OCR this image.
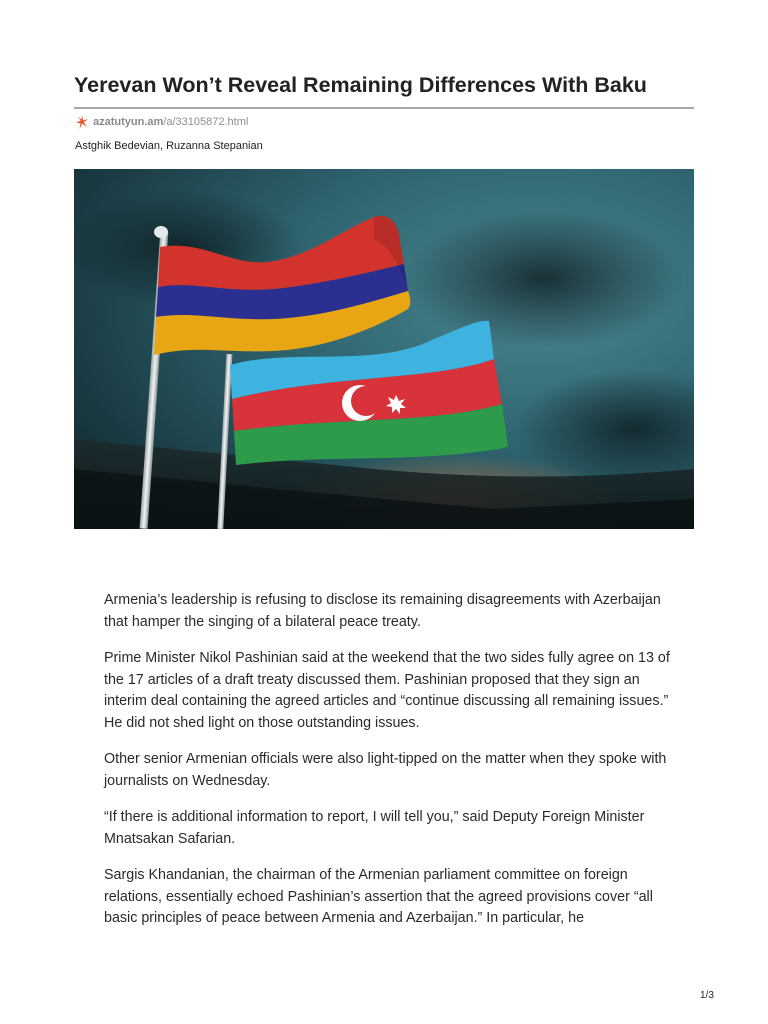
Yerevan Won’t Reveal Remaining Differences With Baku
azatutyun.am /a/33105872.html
Astghik Bedevian, Ruzanna Stepanian

Armenia’s leadership is refusing to disclose its remaining disagreements with Azerbaijan that hamper the singing of a bilateral peace treaty.

Prime Minister Nikol Pashinian said at the weekend that the two sides fully agree on 13 of the 17 articles of a draft treaty discussed them. Pashinian proposed that they sign an interim deal containing the agreed articles and “continue discussing all remaining issues.” He did not shed light on those outstanding issues.

Other senior Armenian officials were also light-tipped on the matter when they spoke with journalists on Wednesday.

“If there is additional information to report, I will tell you,” said Deputy Foreign Minister Mnatsakan Safarian.

Sargis Khandanian, the chairman of the Armenian parliament committee on foreign relations, essentially echoed Pashinian’s assertion that the agreed provisions cover “all basic principles of peace between Armenia and Azerbaijan.” In particular, he

1/3
